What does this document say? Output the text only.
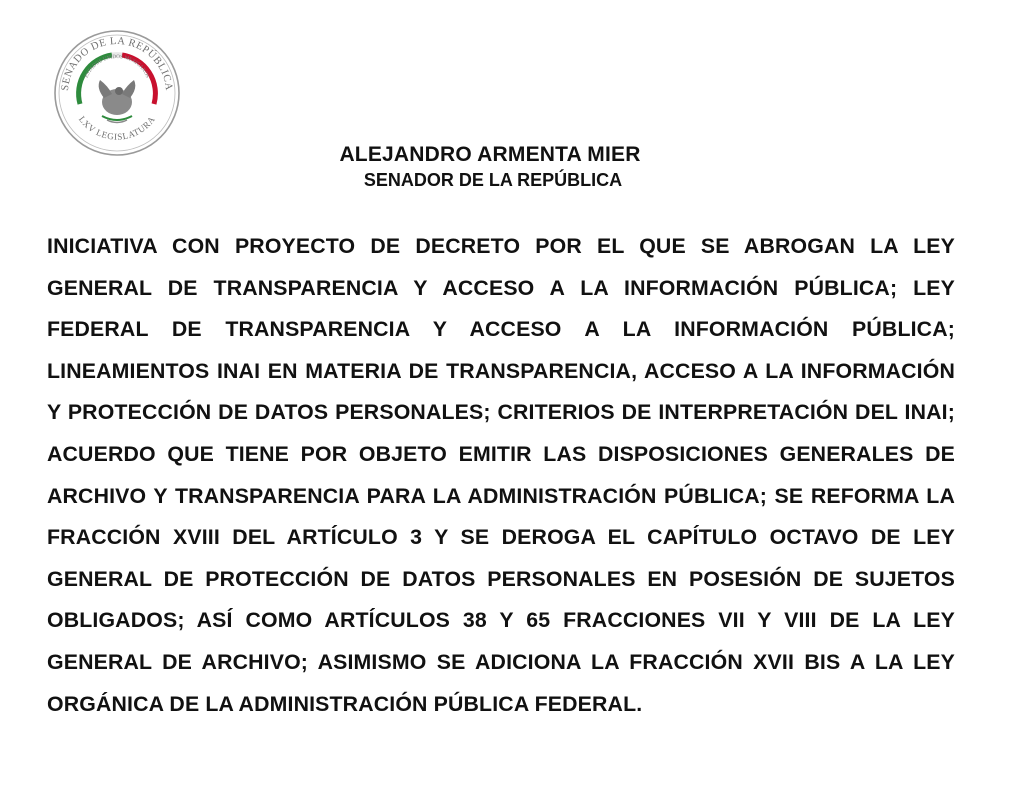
SENADO DE LA REPÚBLICA
LXV LEGISLATURA
ESTADOS UNIDOS MEXICANOS
ALEJANDRO ARMENTA MIER
SENADOR DE LA REPÚBLICA

INICIATIVA CON PROYECTO DE DECRETO POR EL QUE SE ABROGAN LA LEY GENERAL DE TRANSPARENCIA Y ACCESO A LA INFORMACIÓN PÚBLICA; LEY FEDERAL DE TRANSPARENCIA Y ACCESO A LA INFORMACIÓN PÚBLICA; LINEAMIENTOS INAI EN MATERIA DE TRANSPARENCIA, ACCESO A LA INFORMACIÓN Y PROTECCIÓN DE DATOS PERSONALES; CRITERIOS DE INTERPRETACIÓN DEL INAI; ACUERDO QUE TIENE POR OBJETO EMITIR LAS DISPOSICIONES GENERALES DE ARCHIVO Y TRANSPARENCIA PARA LA ADMINISTRACIÓN PÚBLICA; SE REFORMA LA FRACCIÓN XVIII DEL ARTÍCULO 3 Y SE DEROGA EL CAPÍTULO OCTAVO DE LEY GENERAL DE PROTECCIÓN DE DATOS PERSONALES EN POSESIÓN DE SUJETOS OBLIGADOS; ASÍ COMO ARTÍCULOS 38 Y 65 FRACCIONES VII Y VIII DE LA LEY GENERAL DE ARCHIVO; ASIMISMO SE ADICIONA LA FRACCIÓN XVII BIS A LA LEY ORGÁNICA DE LA ADMINISTRACIÓN PÚBLICA FEDERAL.
